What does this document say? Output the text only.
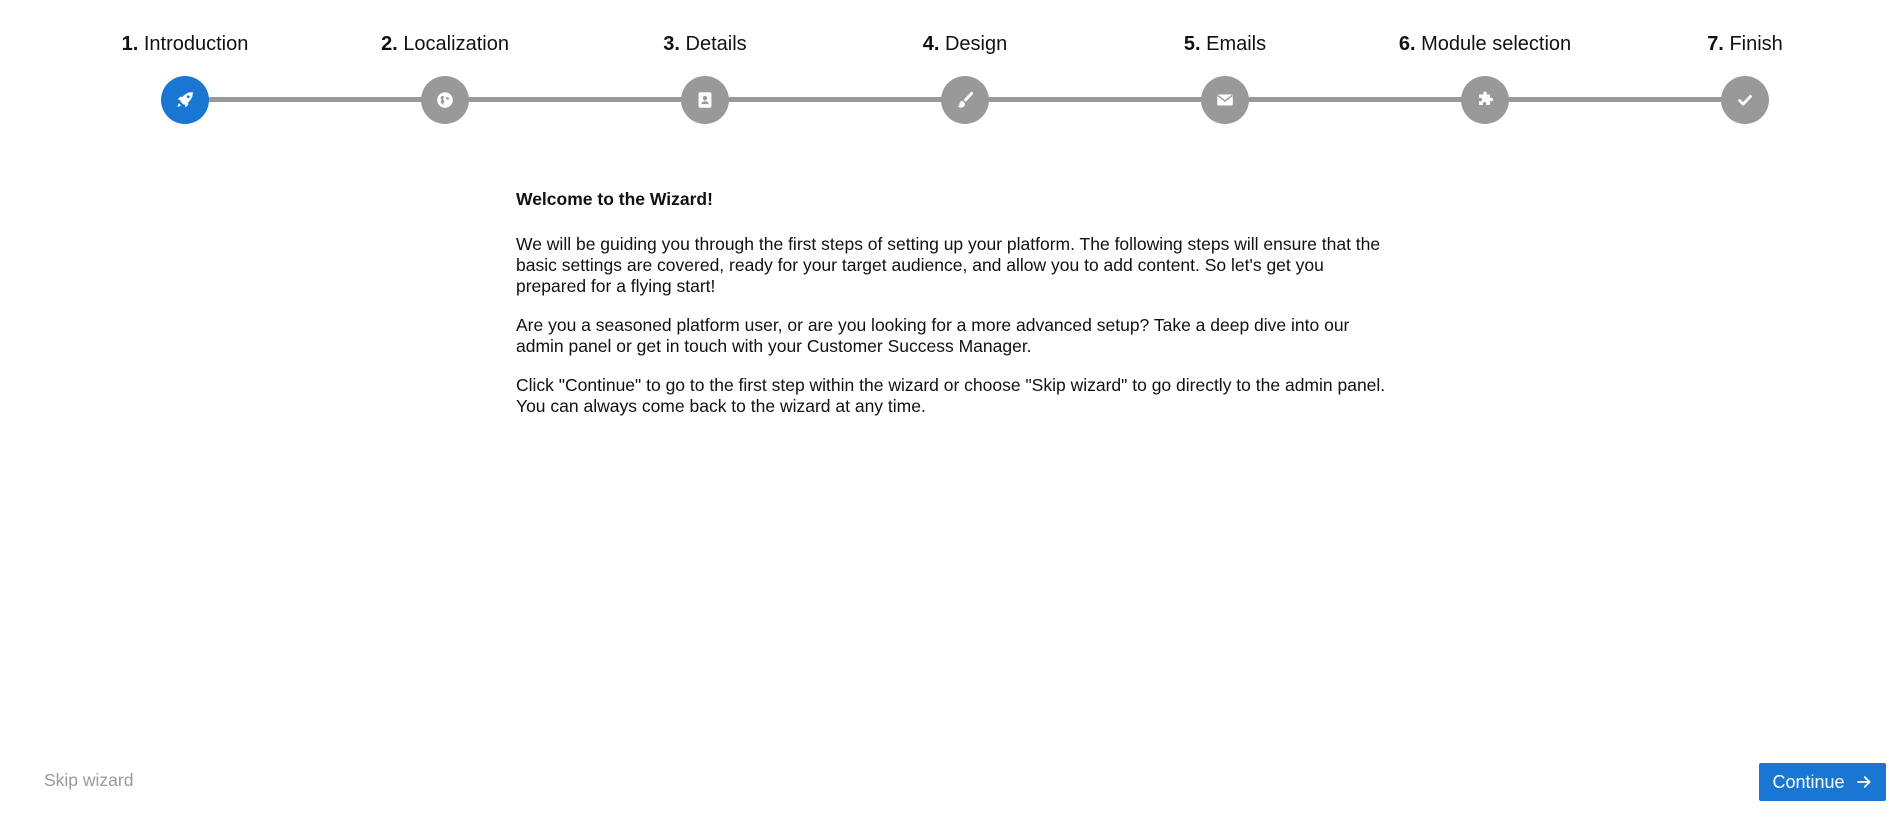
1. Introduction	2. Localization	3. Details	4. Design	5. Emails	6. Module selection	7. Finish
Welcome to the Wizard!

We will be guiding you through the first steps of setting up your platform. The following steps will ensure that the basic settings are covered, ready for your target audience, and allow you to add content. So let's get you prepared for a flying start!

Are you a seasoned platform user, or are you looking for a more advanced setup? Take a deep dive into our admin panel or get in touch with your Customer Success Manager.

Click "Continue" to go to the first step within the wizard or choose "Skip wizard" to go directly to the admin panel. You can always come back to the wizard at any time.

Skip wizard	Continue
